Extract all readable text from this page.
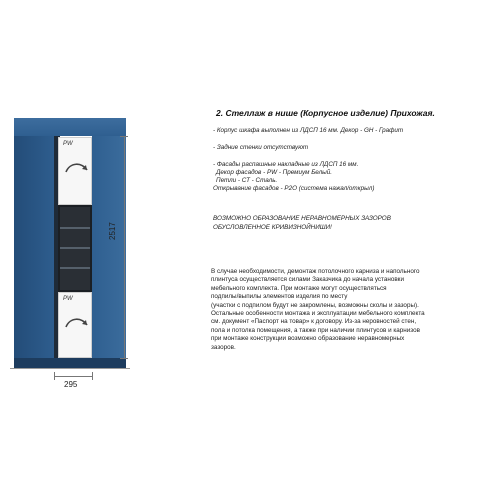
PW
PW
2517
295
2. Стеллаж в нише (Корпусное изделие) Прихожая.
- Корпус шкафа выполнен из ЛДСП 16 мм. Декор - GH - Графит
- Задние стенки отсутствуют
- Фасады распашные накладные из ЛДСП 16 мм.
Декор фасадов - PW - Премиум Белый.
Петли - СТ - Сталь.
Открывание фасадов - P2O (система нажал/открыл)
ВОЗМОЖНО ОБРАЗОВАНИЕ НЕРАВНОМЕРНЫХ ЗАЗОРОВ
ОБУСЛОВЛЕННОЕ КРИВИЗНОЙНИШИ!

В случае необходимости, демонтаж потолочного карниза и напольного

плинтуса осуществляется силами Заказчика до начала установки

мебельного комплекта. При монтаже могут осуществляться

подпилы/выпилы элементов изделия по месту

(участки с подпилом будут не закромлены, возможны сколы и зазоры).

Остальные особенности монтажа и эксплуатации мебельного комплекта

см. документ «Паспорт на товар» к договору. Из-за неровностей стен,

пола и потолка помещения, а также при наличии плинтусов и карнизов

при монтаже конструкции возможно образование неравномерных

зазоров.
